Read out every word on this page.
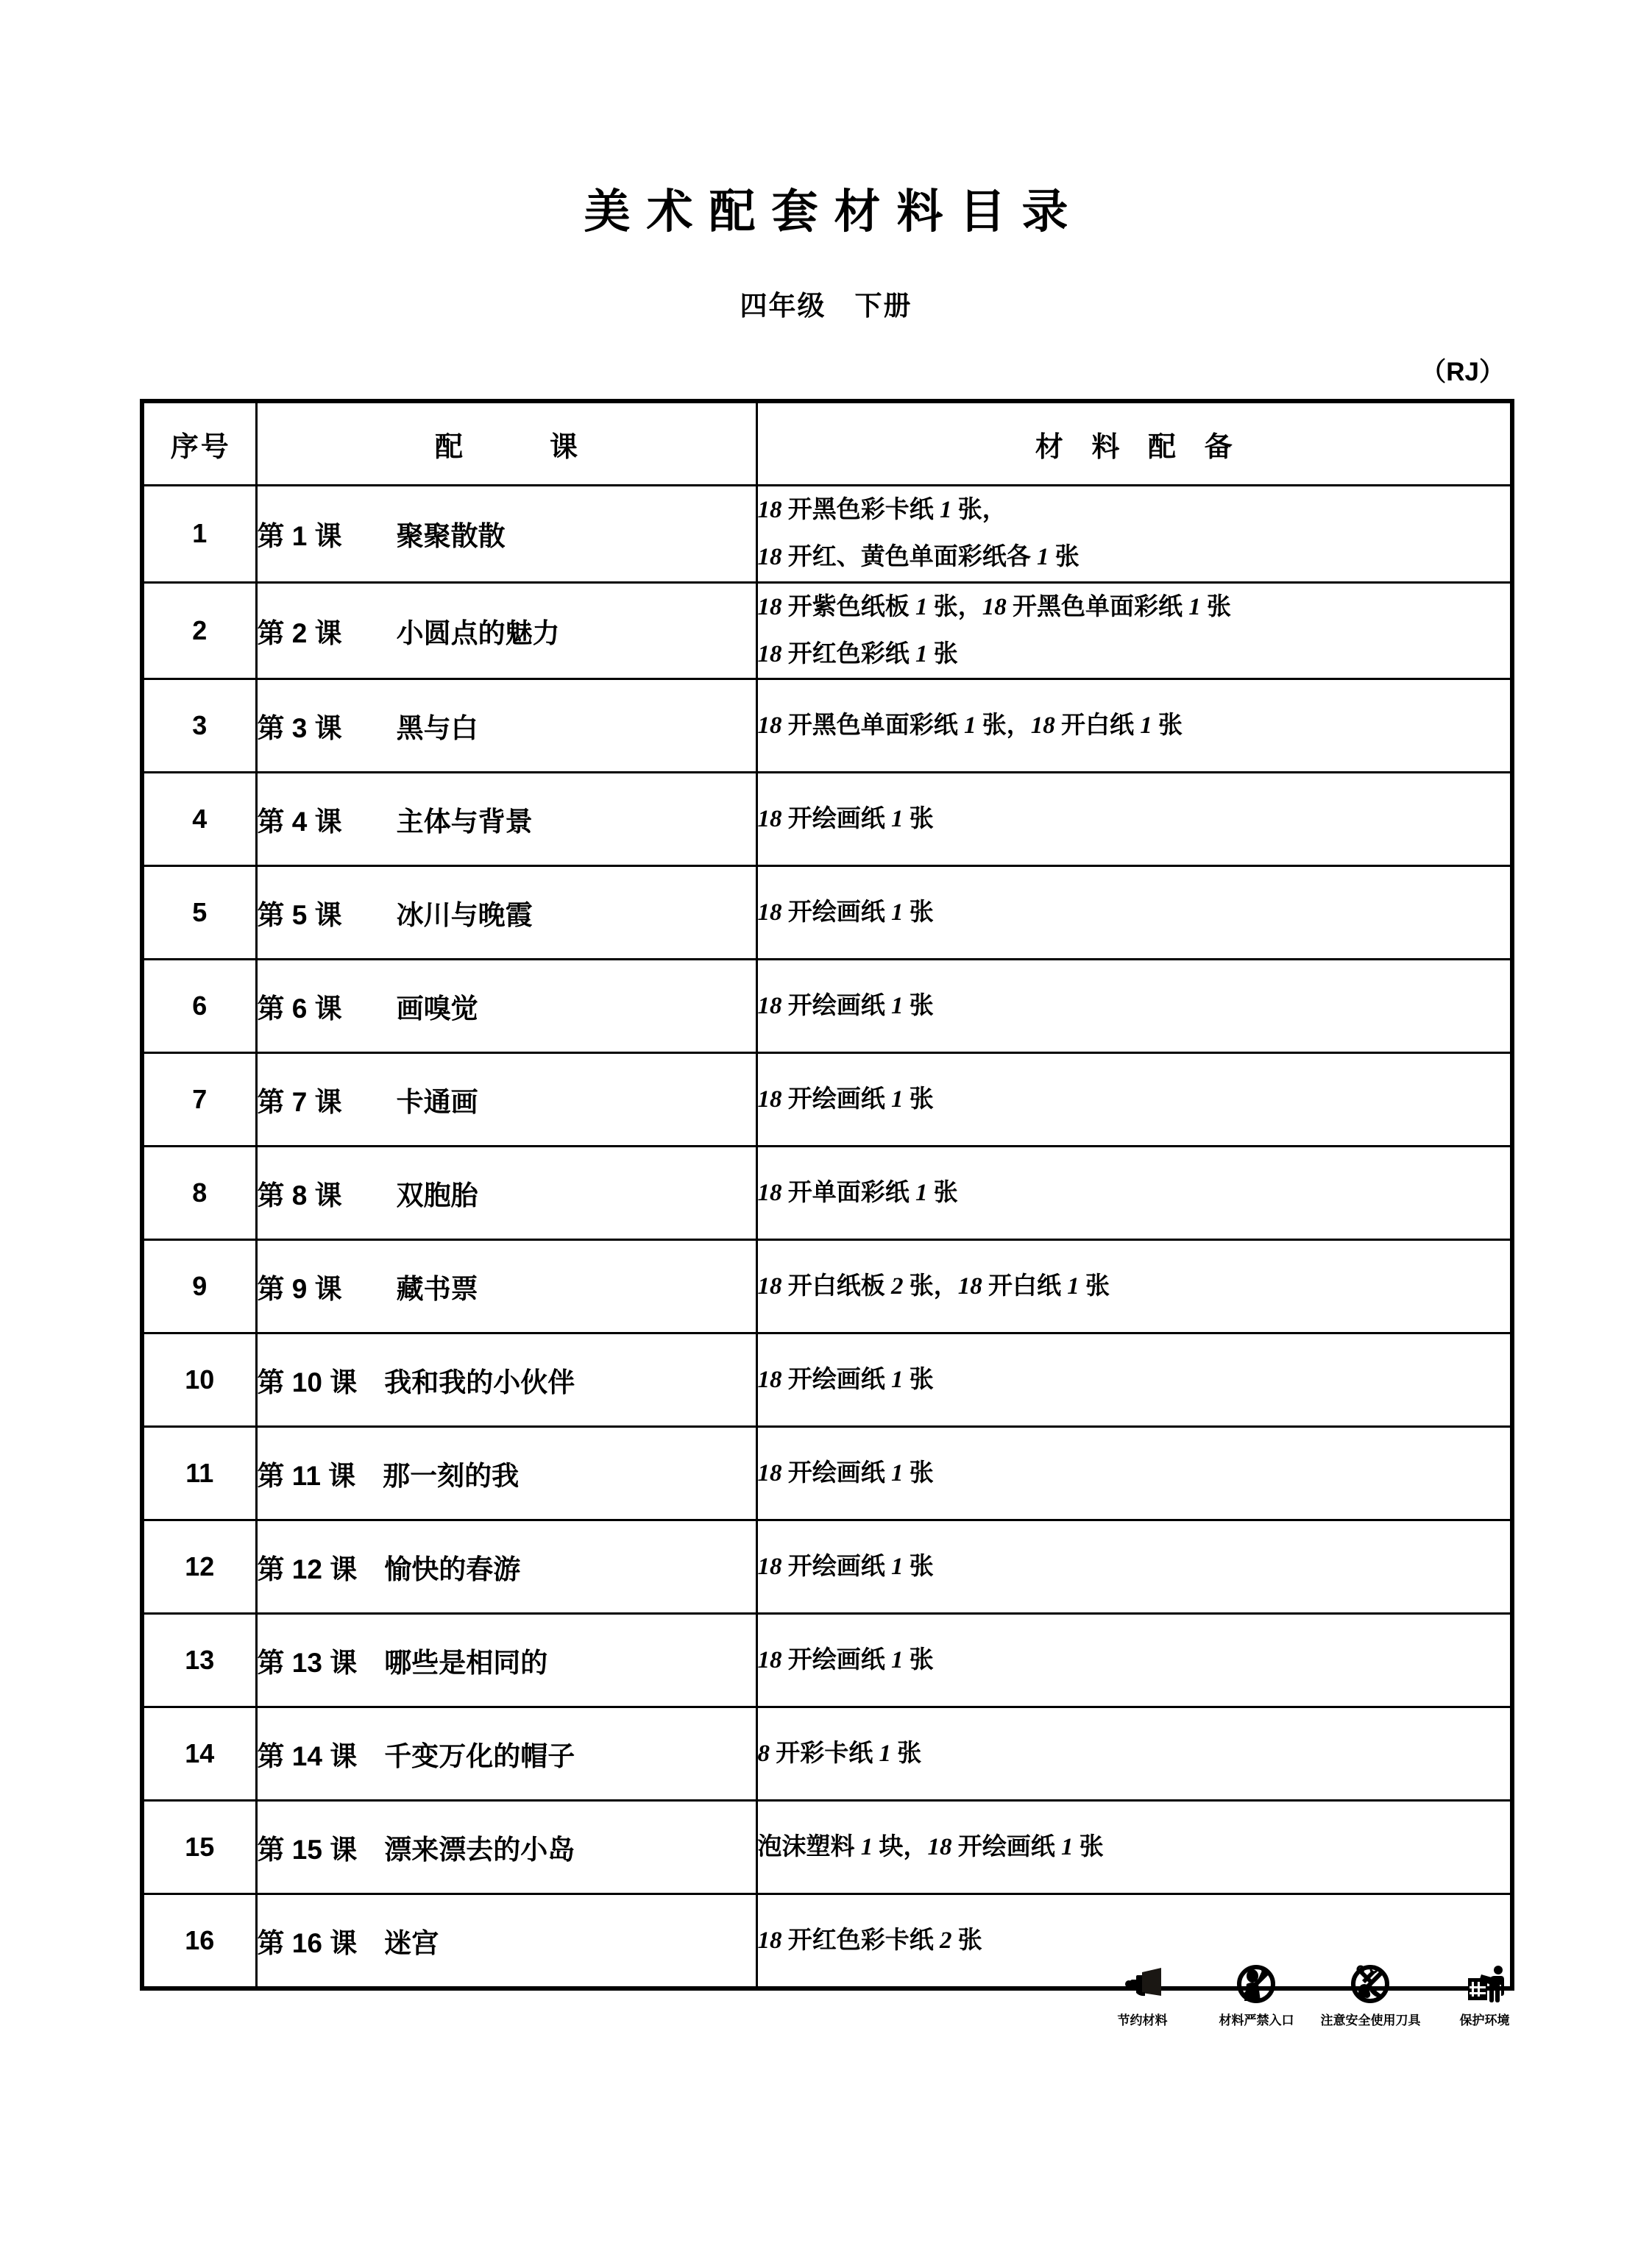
美术配套材料目录
四年级　下册
（RJ）
序号	配　　课	材 料 配 备
1	第 1 课　　聚聚散散	18 开黑色彩卡纸 1 张，
18 开红、黄色单面彩纸各 1 张

2	第 2 课　　小圆点的魅力	18 开紫色纸板 1 张，18 开黑色单面彩纸 1 张
18 开红色彩纸 1 张

3	第 3 课　　黑与白	18 开黑色单面彩纸 1 张，18 开白纸 1 张

4	第 4 课　　主体与背景	18 开绘画纸 1 张

5	第 5 课　　冰川与晚霞	18 开绘画纸 1 张

6	第 6 课　　画嗅觉	18 开绘画纸 1 张

7	第 7 课　　卡通画	18 开绘画纸 1 张

8	第 8 课　　双胞胎	18 开单面彩纸 1 张

9	第 9 课　　藏书票	18 开白纸板 2 张，18 开白纸 1 张

10	第 10 课　我和我的小伙伴	18 开绘画纸 1 张

11	第 11 课　那一刻的我	18 开绘画纸 1 张

12	第 12 课　愉快的春游	18 开绘画纸 1 张

13	第 13 课　哪些是相同的	18 开绘画纸 1 张

14	第 14 课　千变万化的帽子	8 开彩卡纸 1 张

15	第 15 课　漂来漂去的小岛	泡沫塑料 1 块，18 开绘画纸 1 张

16	第 16 课　迷宫	18 开红色彩卡纸 2 张
节约材料	材料严禁入口	注意安全使用刀具	保护环境
